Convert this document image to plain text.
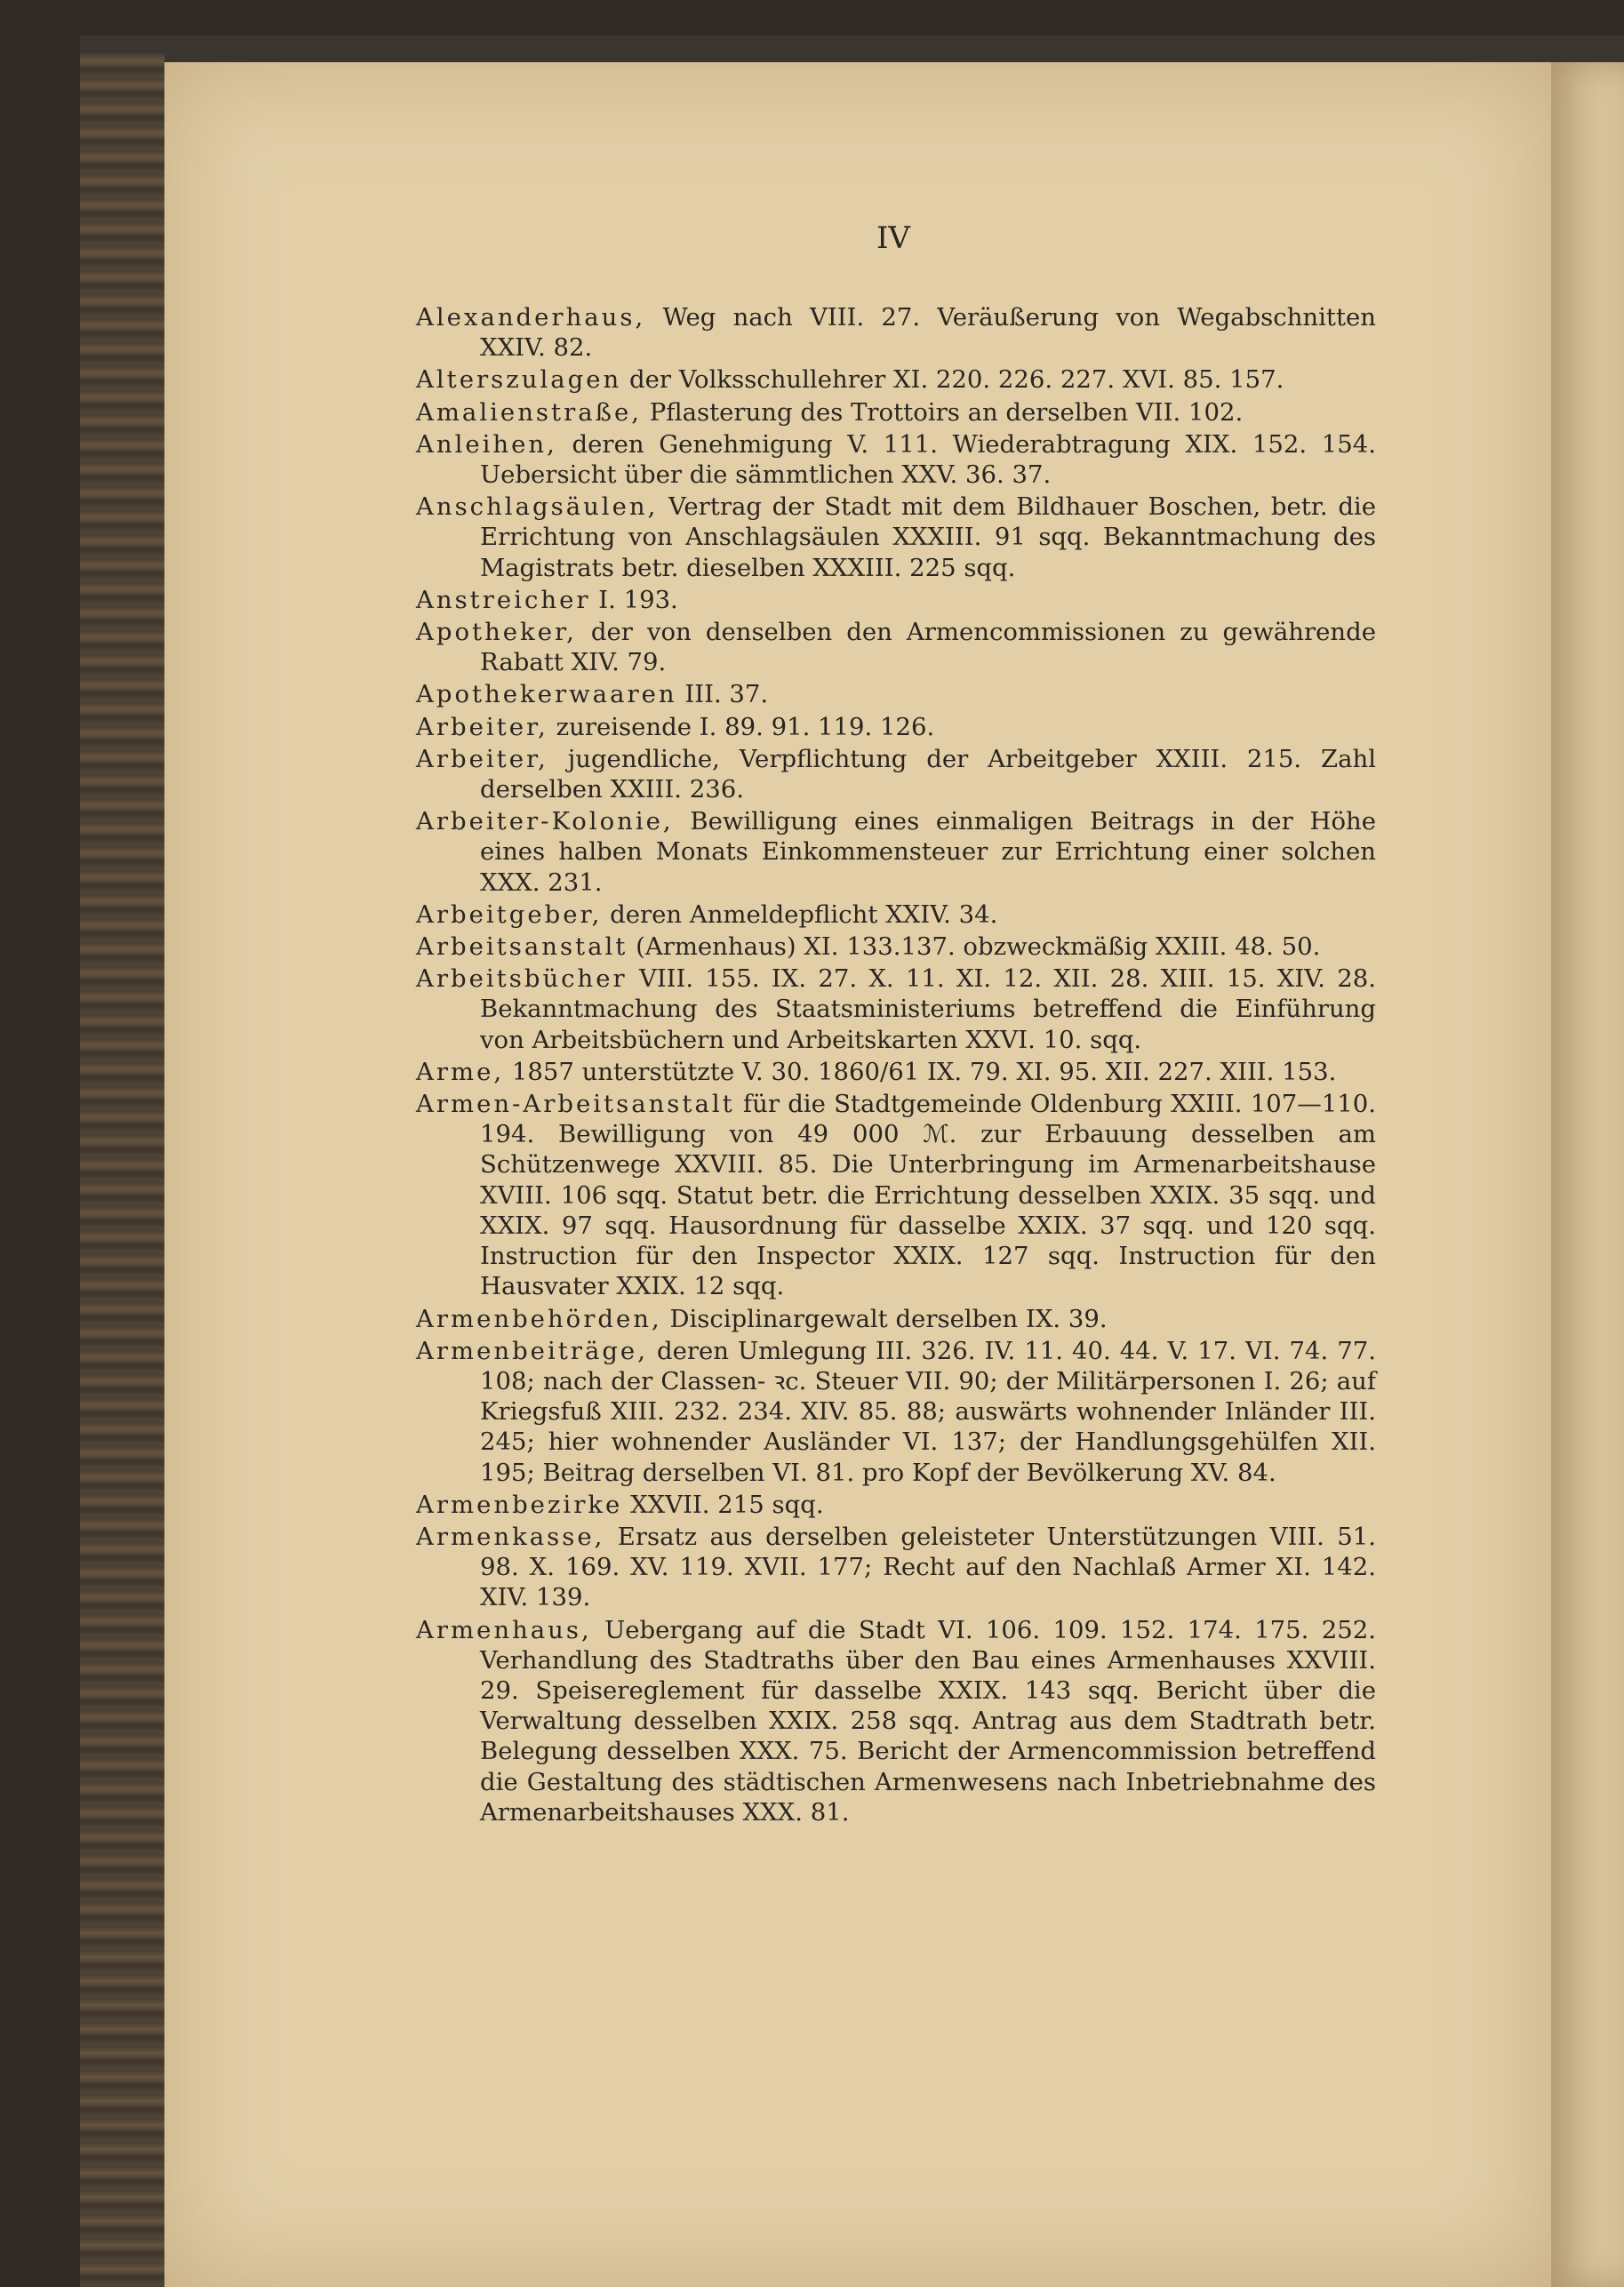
IV

Alexanderhaus, Weg nach VIII. 27. Veräußerung von Wegabschnitten XXIV. 82.

Alterszulagen der Volksschullehrer XI. 220. 226. 227. XVI. 85. 157.

Amalienstraße, Pflasterung des Trottoirs an derselben VII. 102.

Anleihen, deren Genehmigung V. 111. Wiederabtragung XIX. 152. 154. Uebersicht über die sämmtlichen XXV. 36. 37.

Anschlagsäulen, Vertrag der Stadt mit dem Bildhauer Boschen, betr. die Errichtung von Anschlagsäulen XXXIII. 91 sqq. Bekanntmachung des Magistrats betr. dieselben XXXIII. 225 sqq.

Anstreicher I. 193.

Apotheker, der von denselben den Armencommissionen zu gewährende Rabatt XIV. 79.

Apothekerwaaren III. 37.

Arbeiter, zureisende I. 89. 91. 119. 126.

Arbeiter, jugendliche, Verpflichtung der Arbeitgeber XXIII. 215. Zahl derselben XXIII. 236.

Arbeiter-Kolonie, Bewilligung eines einmaligen Beitrags in der Höhe eines halben Monats Einkommensteuer zur Errichtung einer solchen XXX. 231.

Arbeitgeber, deren Anmeldepflicht XXIV. 34.

Arbeitsanstalt (Armenhaus) XI. 133.137. obzweckmäßig XXIII. 48. 50.

Arbeitsbücher VIII. 155. IX. 27. X. 11. XI. 12. XII. 28. XIII. 15. XIV. 28. Bekanntmachung des Staatsministeriums betreffend die Einführung von Arbeitsbüchern und Arbeitskarten XXVI. 10. sqq.

Arme, 1857 unterstützte V. 30. 1860/61 IX. 79. XI. 95. XII. 227. XIII. 153.

Armen-Arbeitsanstalt für die Stadtgemeinde Oldenburg XXIII. 107—110. 194. Bewilligung von 49 000 ℳ. zur Erbauung desselben am Schützenwege XXVIII. 85. Die Unterbringung im Armenarbeitshause XVIII. 106 sqq. Statut betr. die Errichtung desselben XXIX. 35 sqq. und XXIX. 97 sqq. Hausordnung für dasselbe XXIX. 37 sqq. und 120 sqq. Instruction für den Inspector XXIX. 127 sqq. Instruction für den Hausvater XXIX. 12 sqq.

Armenbehörden, Disciplinargewalt derselben IX. 39.

Armenbeiträge, deren Umlegung III. 326. IV. 11. 40. 44. V. 17. VI. 74. 77. 108; nach der Classen- ꝛc. Steuer VII. 90; der Militärpersonen I. 26; auf Kriegsfuß XIII. 232. 234. XIV. 85. 88; auswärts wohnender Inländer III. 245; hier wohnender Ausländer VI. 137; der Handlungsgehülfen XII. 195; Beitrag derselben VI. 81. pro Kopf der Bevölkerung XV. 84.

Armenbezirke XXVII. 215 sqq.

Armenkasse, Ersatz aus derselben geleisteter Unterstützungen VIII. 51. 98. X. 169. XV. 119. XVII. 177; Recht auf den Nachlaß Armer XI. 142. XIV. 139.

Armenhaus, Uebergang auf die Stadt VI. 106. 109. 152. 174. 175. 252. Verhandlung des Stadtraths über den Bau eines Armenhauses XXVIII. 29. Speisereglement für dasselbe XXIX. 143 sqq. Bericht über die Verwaltung desselben XXIX. 258 sqq. Antrag aus dem Stadtrath betr. Belegung desselben XXX. 75. Bericht der Armencommission betreffend die Gestaltung des städtischen Armenwesens nach Inbetriebnahme des Armenarbeitshauses XXX. 81.
